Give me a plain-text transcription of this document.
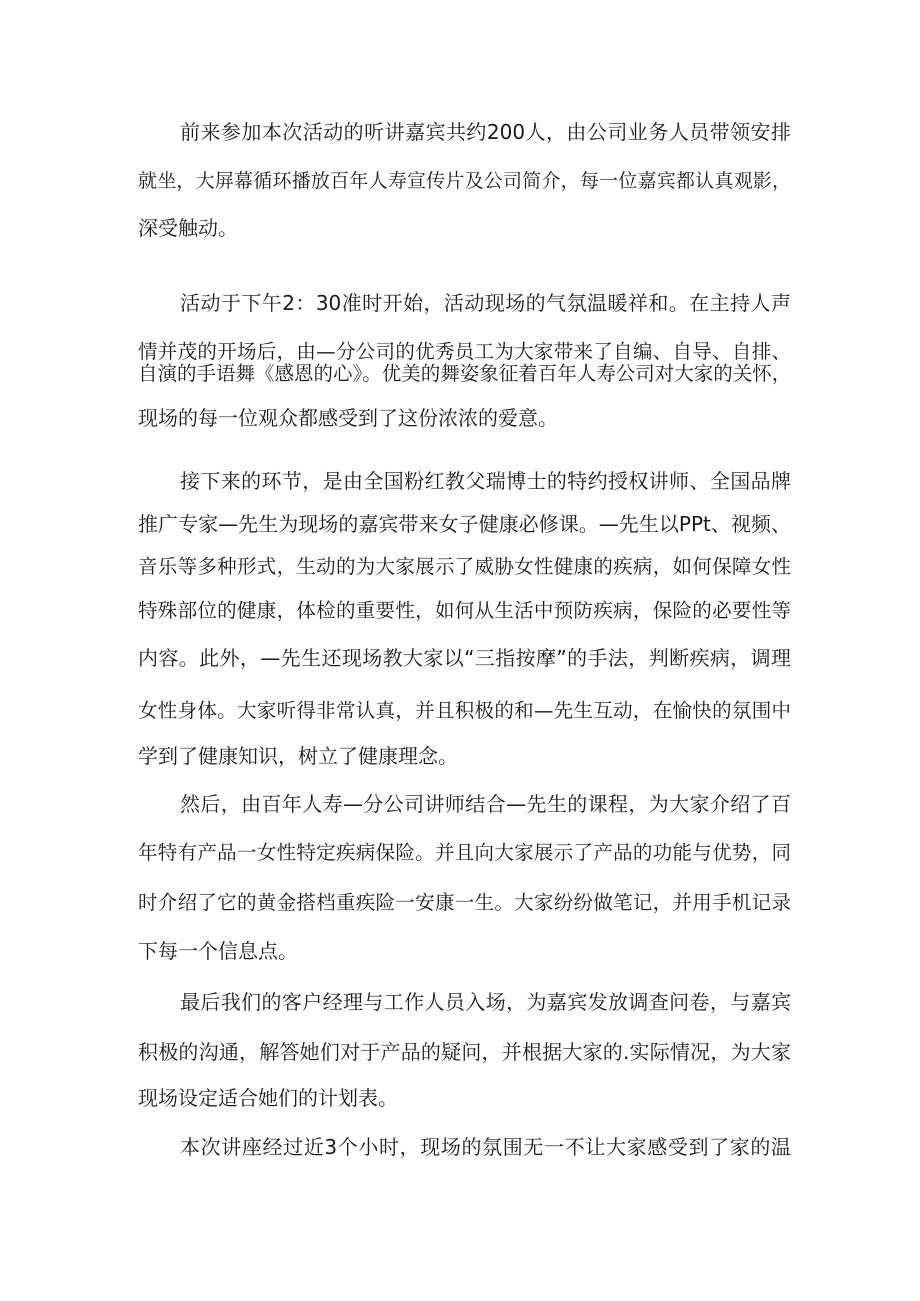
前来参加本次活动的听讲嘉宾共约200人，由公司业务人员带领安排
就坐，大屏幕循环播放百年人寿宣传片及公司简介，每一位嘉宾都认真观影，
深受触动。
活动于下午2：30准时开始，活动现场的气氛温暖祥和。在主持人声
情并茂的开场后，由—分公司的优秀员工为大家带来了自编、自导、自排、
自演的手语舞《感恩的心》。优美的舞姿象征着百年人寿公司对大家的关怀，
现场的每一位观众都感受到了这份浓浓的爱意。
接下来的环节，是由全国粉红教父瑞博士的特约授权讲师、全国品牌
推广专家—先生为现场的嘉宾带来女子健康必修课。—先生以PPt、视频、
音乐等多种形式，生动的为大家展示了威胁女性健康的疾病，如何保障女性
特殊部位的健康，体检的重要性，如何从生活中预防疾病，保险的必要性等
内容。此外，—先生还现场教大家以“三指按摩”的手法，判断疾病，调理
女性身体。大家听得非常认真，并且积极的和—先生互动，在愉快的氛围中
学到了健康知识，树立了健康理念。
然后，由百年人寿—分公司讲师结合—先生的课程，为大家介绍了百
年特有产品一女性特定疾病保险。并且向大家展示了产品的功能与优势，同
时介绍了它的黄金搭档重疾险一安康一生。大家纷纷做笔记，并用手机记录
下每一个信息点。
最后我们的客户经理与工作人员入场，为嘉宾发放调查问卷，与嘉宾
积极的沟通，解答她们对于产品的疑问，并根据大家的.实际情况，为大家
现场设定适合她们的计划表。
本次讲座经过近3个小时，现场的氛围无一不让大家感受到了家的温
